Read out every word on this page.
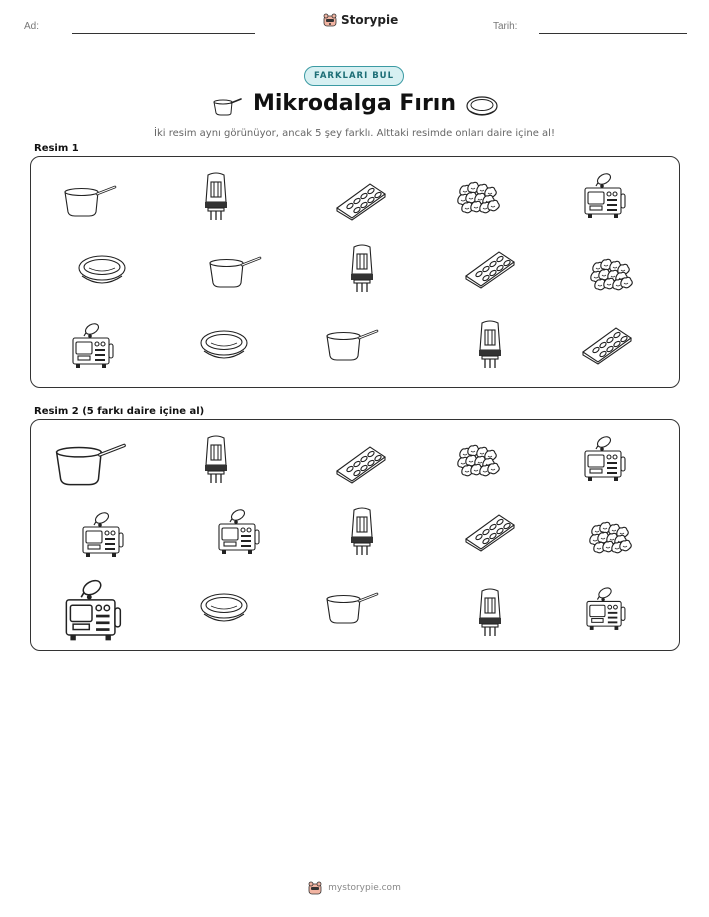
Ad:	Tarih:
Storypie
FARKLARI BUL
Mikrodalga Fırın
İki resim aynı görünüyor, ancak 5 şey farklı. Alttaki resimde onları daire içine al!
Resim 1
Resim 2 (5 farkı daire içine al)
mystorypie.com
